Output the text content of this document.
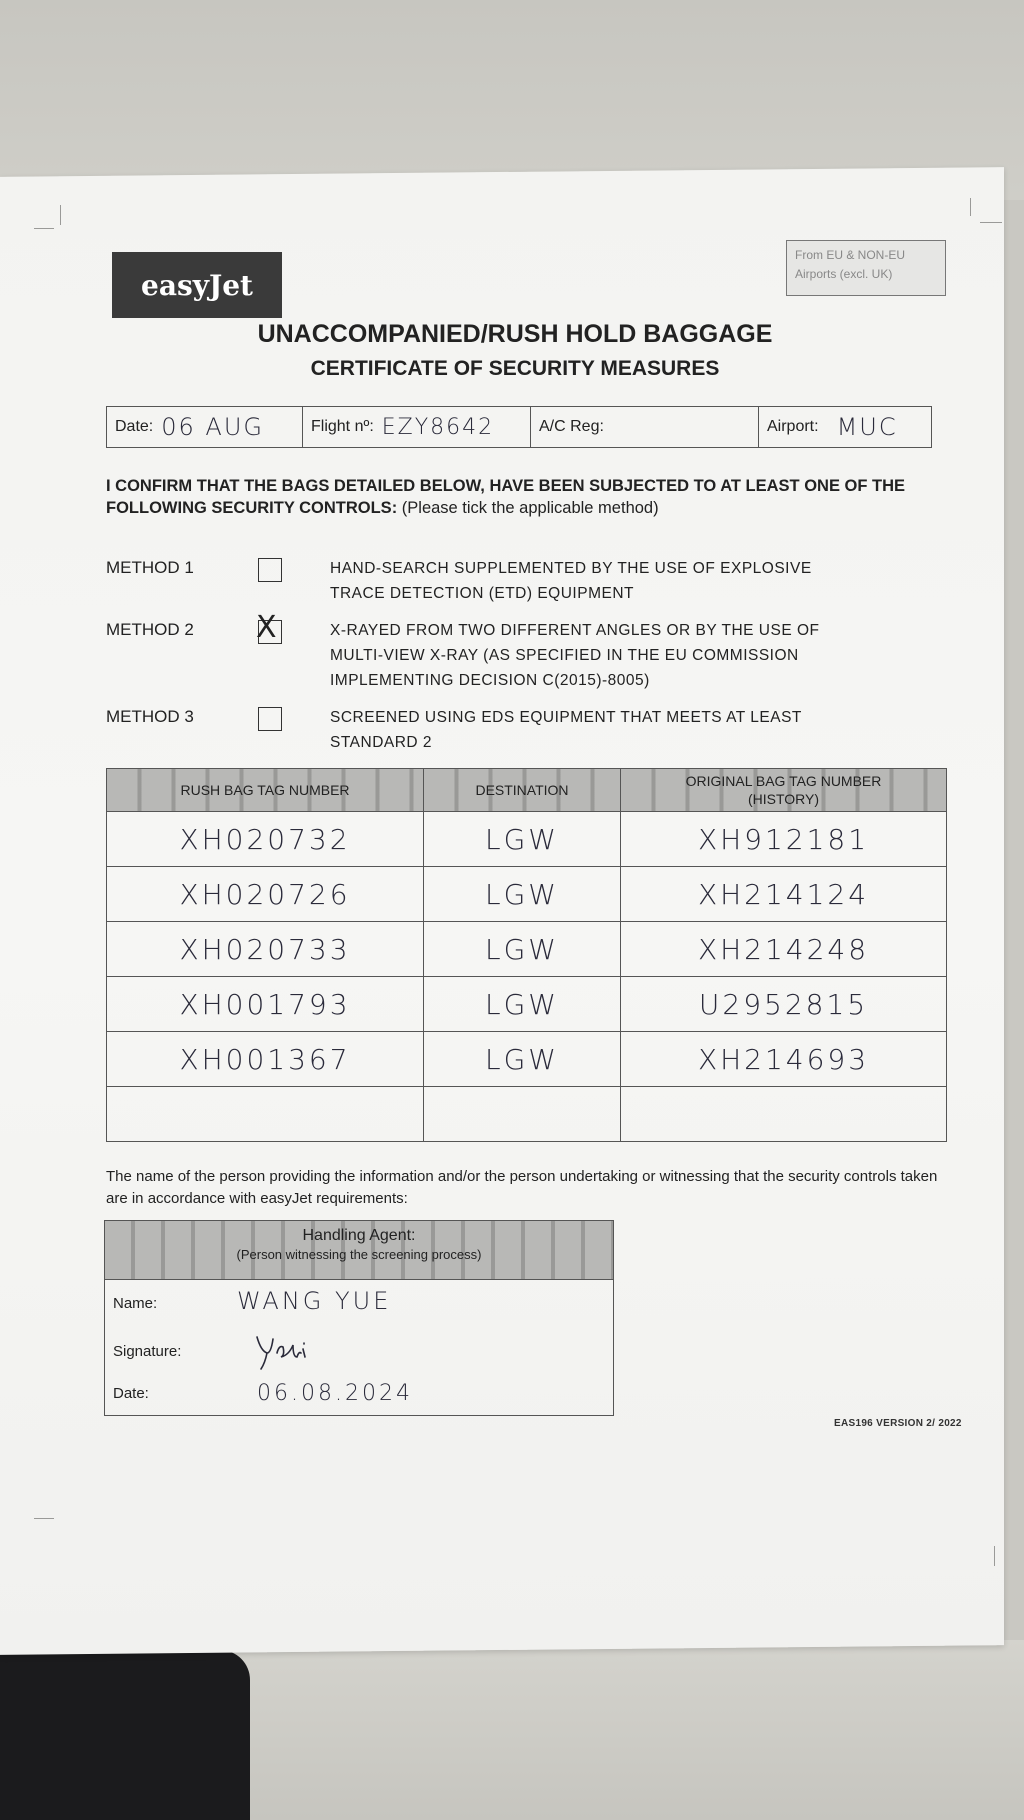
easyJet
From EU & NON-EU
Airports (excl. UK)
UNACCOMPANIED/RUSH HOLD BAGGAGE
CERTIFICATE OF SECURITY MEASURES
Date: 06 AUG	Flight nº: EZY8642	A/C Reg:	Airport: MUC
I CONFIRM THAT THE BAGS DETAILED BELOW, HAVE BEEN SUBJECTED TO AT LEAST ONE OF THE FOLLOWING SECURITY CONTROLS: (Please tick the applicable method)
METHOD 1	HAND-SEARCH SUPPLEMENTED BY THE USE OF EXPLOSIVE
TRACE DETECTION (ETD) EQUIPMENT
METHOD 2 X	X-RAYED FROM TWO DIFFERENT ANGLES OR BY THE USE OF
MULTI-VIEW X-RAY (AS SPECIFIED IN THE EU COMMISSION
IMPLEMENTING DECISION C(2015)-8005)
METHOD 3	SCREENED USING EDS EQUIPMENT THAT MEETS AT LEAST
STANDARD 2
RUSH BAG TAG NUMBER	DESTINATION	ORIGINAL BAG TAG NUMBER
(HISTORY)

XH020732	LGW	XH912181
XH020726	LGW	XH214124
XH020733	LGW	XH214248
XH001793	LGW	U2952815
XH001367	LGW	XH214693

The name of the person providing the information and/or the person undertaking or witnessing that the security controls taken are in accordance with easyJet requirements:
Handling Agent:
(Person witnessing the screening process)
Name:	WANG YUE
Signature:
Date:	06.08.2024
EAS196 VERSION 2/ 2022
